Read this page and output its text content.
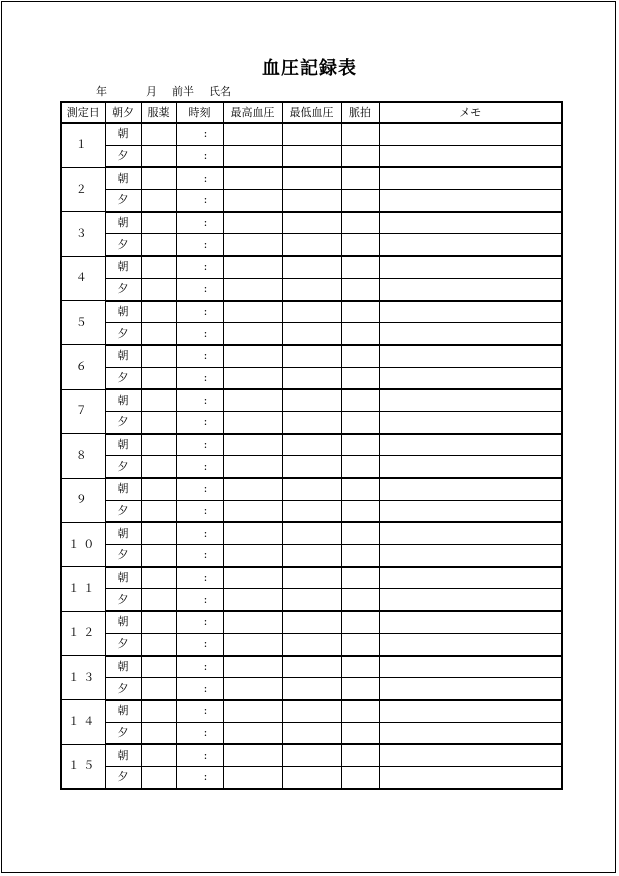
血圧記録表
年	月 前半 氏名
測定日	朝夕	服薬	時刻	最高血圧	最低血圧	脈拍	メモ
１	朝		:				
	夕		:				
２	朝		:				
	夕		:				
３	朝		:				
	夕		:				
４	朝		:				
	夕		:				
５	朝		:				
	夕		:				
６	朝		:				
	夕		:				
７	朝		:				
	夕		:				
８	朝		:				
	夕		:				
９	朝		:				
	夕		:				
１０	朝		:				
	夕		:				
１１	朝		:				
	夕		:				
１２	朝		:				
	夕		:				
１３	朝		:				
	夕		:				
１４	朝		:				
	夕		:				
１５	朝		:				
	夕		:				
